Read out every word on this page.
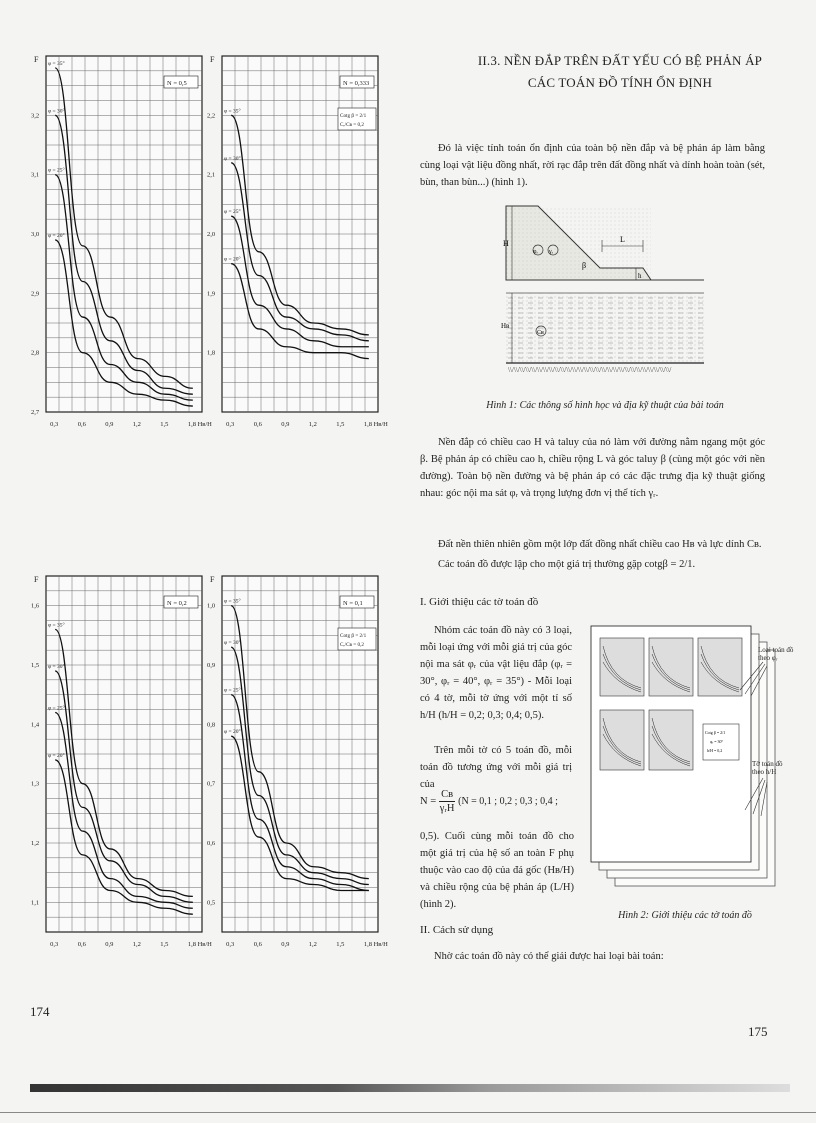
F
3,2
3,1
3,0
2,9
2,8
2,7
0,3	0,6	0,9	1,2	1,5	1,8 Hʙ/H
N = 0,5
φ = 35°
φ = 30°
φ = 25°
φ = 20°
F
2,2
2,1
2,0
1,9
1,8
0,3	0,6	0,9	1,2	1,5	1,8 Hʙ/H
N = 0,333
Cotg β = 2/1
Cᵣ/Cʙ = 0,2
φ = 35°
φ = 30°
φ = 25°
φ = 20°
F
1,6
1,5
1,4
1,3
1,2
1,1
0,3	0,6	0,9	1,2	1,5	1,8 Hʙ/H
N = 0,2
φ = 35°
φ = 30°
φ = 25°
φ = 20°
F
1,0
0,9
0,8
0,7
0,6
0,5
0,3	0,6	0,9	1,2	1,5	1,8 Hʙ/H
N = 0,1
Cotg β = 2/1
Cᵣ/Cʙ = 0,2
φ = 35°
φ = 30°
φ = 25°
φ = 20°
174
II.3. NỀN ĐẮP TRÊN ĐẤT YẾU CÓ BỆ PHẢN ÁP
CÁC TOÁN ĐỒ TÍNH ỔN ĐỊNH
Đó là việc tính toán ổn định của toàn bộ nền đắp và bệ phản áp làm bằng cùng loại vật liệu đồng nhất, rời rạc đắp trên đất đồng nhất và dính hoàn toàn (sét, bùn, than bùn...) (hình 1).
\\/\\/\\/\\/\\/\\/\\/\\/\\/\\/\\/\\/\\/\\/\\/\\/\\/\\/\\/\\/\\/\\/\\/\\/\\/\\/\\/\\/
H
φᵣ γᵣ
L
β
h
Hʙ
Cʙ
Hình 1: Các thông số hình học và địa kỹ thuật của bài toán
Nền đắp có chiều cao H và taluy của nó làm với đường nằm ngang một góc β. Bệ phản áp có chiều cao h, chiều rộng L và góc taluy β (cùng một góc với nền đường). Toàn bộ nền đường và bệ phản áp có các đặc trưng địa kỹ thuật giống nhau: góc nội ma sát φᵣ và trọng lượng đơn vị thể tích γᵣ.
Đất nền thiên nhiên gồm một lớp đất đồng nhất chiều cao Hʙ và lực dính Cʙ.
Các toán đồ được lập cho một giá trị thường gặp cotgβ = 2/1.
I. Giới thiệu các tờ toán đồ
Nhóm các toán đồ này có 3 loại, mỗi loại ứng với mỗi giá trị của góc nội ma sát φᵣ của vật liệu đắp (φᵣ = 30°, φᵣ = 40°, φᵣ = 35°) - Mỗi loại có 4 tờ, mỗi tờ ứng với một tỉ số h/H (h/H = 0,2; 0,3; 0,4; 0,5).
Trên mỗi tờ có 5 toán đồ, mỗi toán đồ tương ứng với mỗi giá trị của
N =
Cʙ
γᵣH
(N = 0,1 ; 0,2 ; 0,3 ; 0,4 ;
0,5). Cuối cùng mỗi toán đồ cho một giá trị của hệ số an toàn F phụ thuộc vào cao độ của đá gốc (Hʙ/H) và chiều rộng của bệ phản áp (L/H) (hình 2).
Cotg β = 2/1
φᵣ = 30°
h/H = 0,2
Loại toán đồ theo φᵣ
Tờ toán đồ theo h/H
Hình 2: Giới thiệu các tờ toán đồ
II. Cách sử dụng
Nhờ các toán đồ này có thể giải được hai loại bài toán:
175
